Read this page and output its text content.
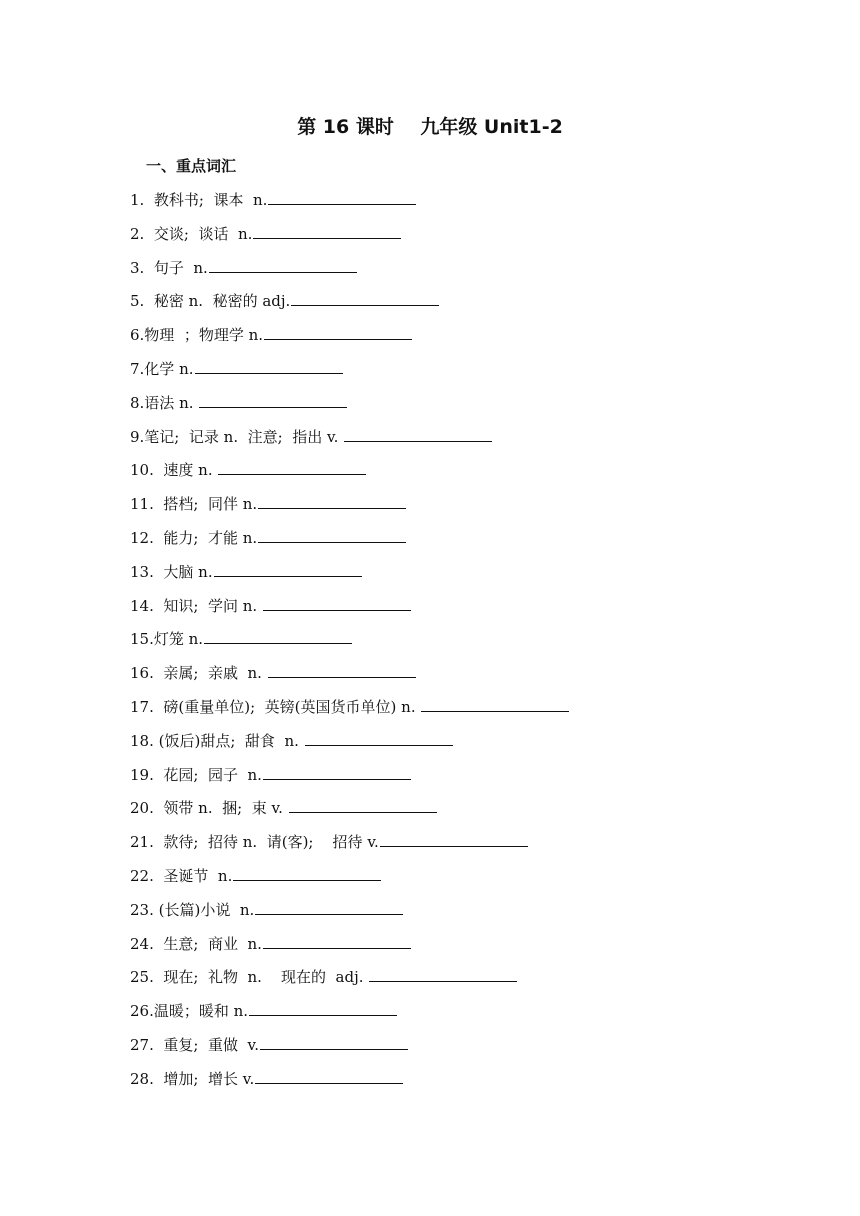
第 16 课时    九年级 Unit1-2
一、重点词汇
1.  教科书;  课本  n.
2.  交谈;  谈话  n.
3.  句子  n.
5.  秘密 n.  秘密的 adj.
6.物理  ；物理学 n.
7.化学 n.
8.语法 n.
9.笔记;  记录 n.  注意;  指出 v.
10.  速度 n.
11.  搭档;  同伴 n.
12.  能力;  才能 n.
13.  大脑 n.
14.  知识;  学问 n.
15.灯笼 n.
16.  亲属;  亲戚  n.
17.  磅(重量单位);  英镑(英国货币单位) n.
18. (饭后)甜点;  甜食  n.
19.  花园;  园子  n.
20.  领带 n.  捆;  束 v.
21.  款待;  招待 n.  请(客);    招待 v.
22.  圣诞节  n.
23. (长篇)小说  n.
24.  生意;  商业  n.
25.  现在;  礼物  n.    现在的  adj.
26.温暖；暖和 n.
27.  重复;  重做  v.
28.  增加;  增长 v.
